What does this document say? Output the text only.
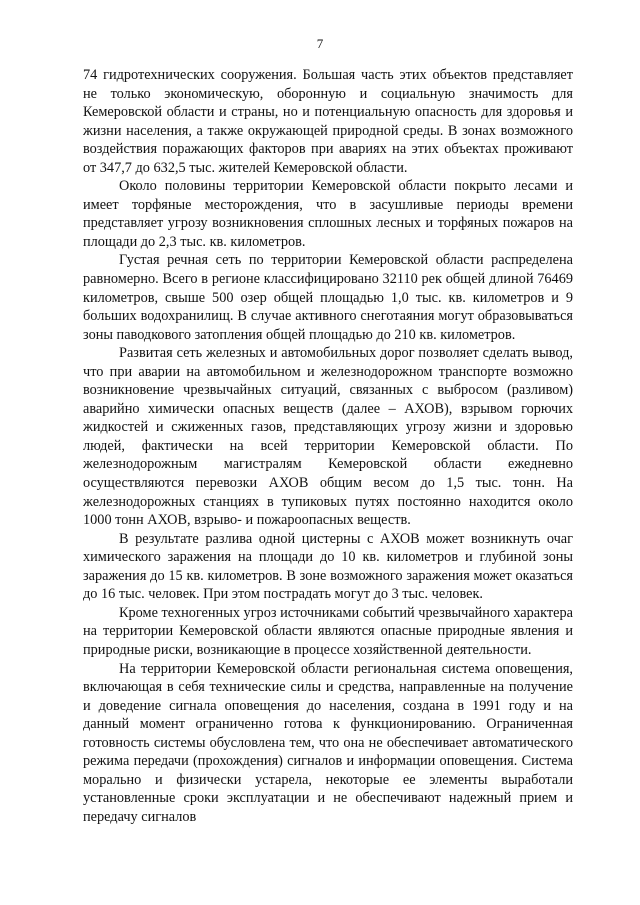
7

74 гидротехнических сооружения. Большая часть этих объектов представляет не только экономическую, оборонную и социальную значимость для Кемеровской области и страны, но и потенциальную опасность для здоровья и жизни населения, а также окружающей природной среды. В зонах возможного воздействия поражающих факторов при авариях на этих объектах проживают от 347,7 до 632,5 тыс. жителей Кемеровской области.

Около половины территории Кемеровской области покрыто лесами и имеет торфяные месторождения, что в засушливые периоды времени представляет угрозу возникновения сплошных лесных и торфяных пожаров на площади до 2,3 тыс. кв. километров.

Густая речная сеть по территории Кемеровской области распределена равномерно. Всего в регионе классифицировано 32110 рек общей длиной 76469 километров, свыше 500 озер общей площадью 1,0 тыс. кв. километров и 9 больших водохранилищ. В случае активного снеготаяния могут образовываться зоны паводкового затопления общей площадью до 210 кв. километров.

Развитая сеть железных и автомобильных дорог позволяет сделать вывод, что при аварии на автомобильном и железнодорожном транспорте возможно возникновение чрезвычайных ситуаций, связанных с выбросом (разливом) аварийно химически опасных веществ (далее – АХОВ), взрывом горючих жидкостей и сжиженных газов, представляющих угрозу жизни и здоровью людей, фактически на всей территории Кемеровской области. По железнодорожным магистралям Кемеровской области ежедневно осуществляются перевозки АХОВ общим весом до 1,5 тыс. тонн. На железнодорожных станциях в тупиковых путях постоянно находится около 1000 тонн АХОВ, взрыво- и пожароопасных веществ.

В результате разлива одной цистерны с АХОВ может возникнуть очаг химического заражения на площади до 10 кв. километров и глубиной зоны заражения до 15 кв. километров. В зоне возможного заражения может оказаться до 16 тыс. человек. При этом пострадать могут до 3 тыс. человек.

Кроме техногенных угроз источниками событий чрезвычайного характера на территории Кемеровской области являются опасные природные явления и природные риски, возникающие в процессе хозяйственной деятельности.

На территории Кемеровской области региональная система оповещения, включающая в себя технические силы и средства, направленные на получение и доведение сигнала оповещения до населения, создана в 1991 году и на данный момент ограниченно готова к функционированию. Ограниченная готовность системы обусловлена тем, что она не обеспечивает автоматического режима передачи (прохождения) сигналов и информации оповещения. Система морально и физически устарела, некоторые ее элементы выработали установленные сроки эксплуатации и не обеспечивают надежный прием и передачу сигналов
